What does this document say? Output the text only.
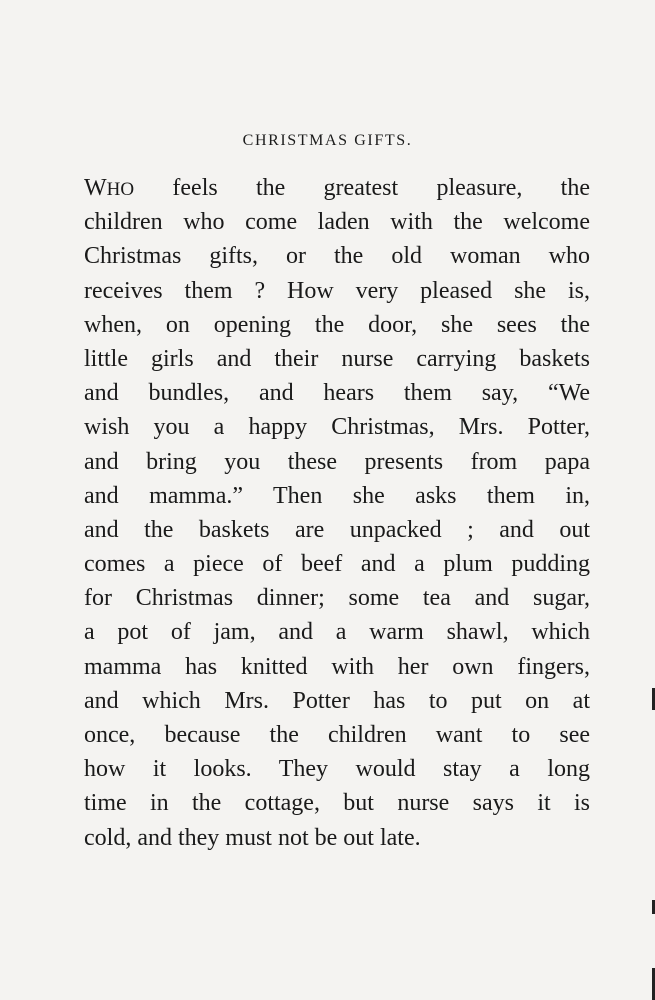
CHRISTMAS GIFTS.
WHO feels the greatest pleasure, the
children who come laden with the welcome
Christmas gifts, or the old woman who
receives them ? How very pleased she is,
when, on opening the door, she sees the
little girls and their nurse carrying baskets
and bundles, and hears them say, “We
wish you a happy Christmas, Mrs. Potter,
and bring you these presents from papa
and mamma.” Then she asks them in,
and the baskets are unpacked ; and out
comes a piece of beef and a plum pudding
for Christmas dinner; some tea and sugar,
a pot of jam, and a warm shawl, which
mamma has knitted with her own fingers,
and which Mrs. Potter has to put on at
once, because the children want to see
how it looks. They would stay a long
time in the cottage, but nurse says it is
cold, and they must not be out late.
